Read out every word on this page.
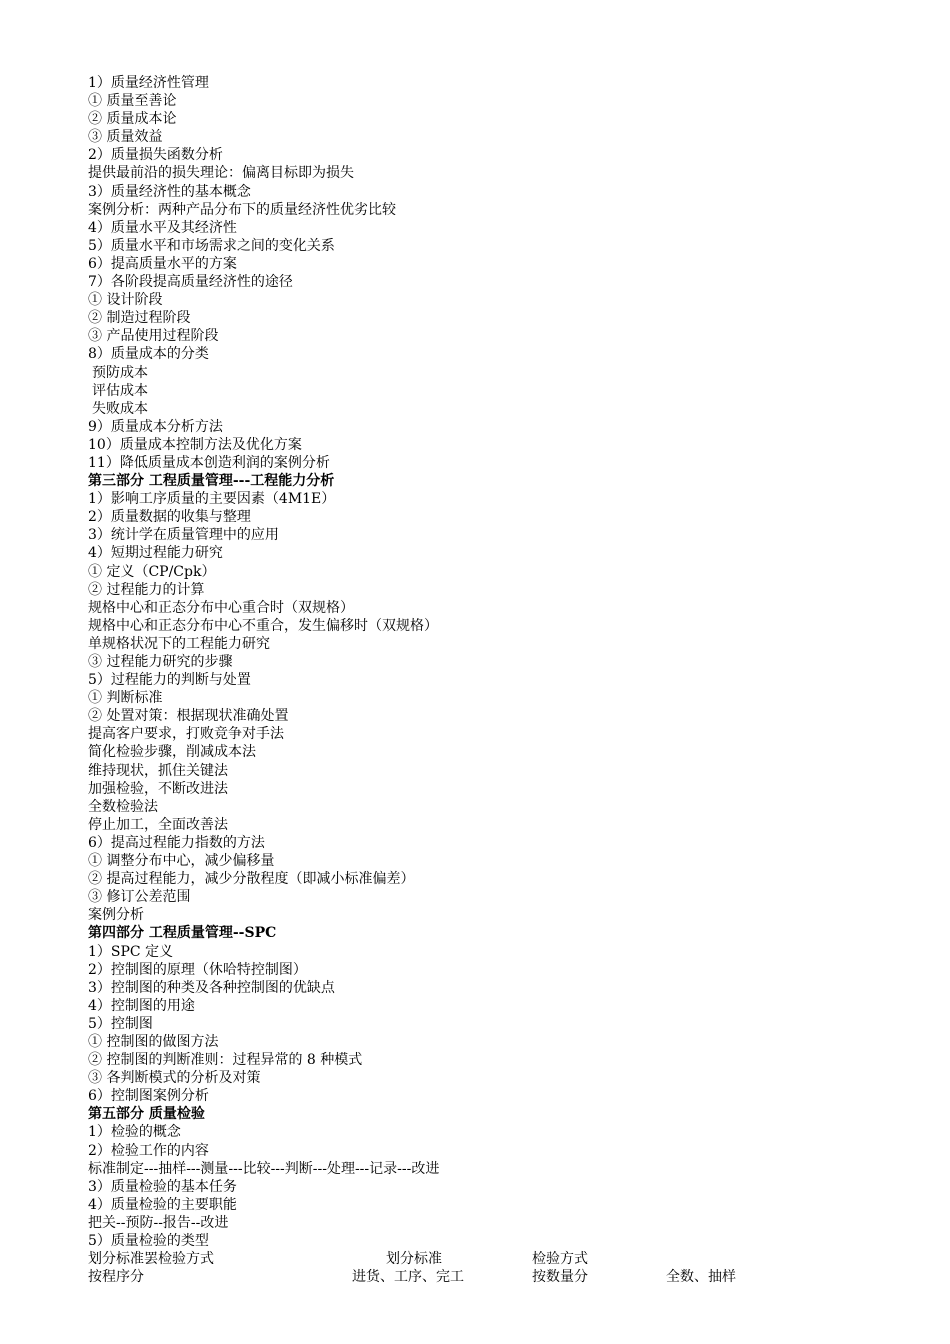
1）质量经济性管理
① 质量至善论
② 质量成本论
③ 质量效益
2）质量损失函数分析
提供最前沿的损失理论：偏离目标即为损失
3）质量经济性的基本概念
案例分析：两种产品分布下的质量经济性优劣比较
4）质量水平及其经济性
5）质量水平和市场需求之间的变化关系
6）提高质量水平的方案
7）各阶段提高质量经济性的途径
① 设计阶段
② 制造过程阶段
③ 产品使用过程阶段
8）质量成本的分类
预防成本
评估成本
失败成本
9）质量成本分析方法
10）质量成本控制方法及优化方案
11）降低质量成本创造利润的案例分析
第三部分 工程质量管理---工程能力分析
1）影响工序质量的主要因素（4M1E）
2）质量数据的收集与整理
3）统计学在质量管理中的应用
4）短期过程能力研究
① 定义（CP/Cpk）
② 过程能力的计算
规格中心和正态分布中心重合时（双规格）
规格中心和正态分布中心不重合，发生偏移时（双规格）
单规格状况下的工程能力研究
③ 过程能力研究的步骤
5）过程能力的判断与处置
① 判断标准
② 处置对策：根据现状准确处置
提高客户要求，打败竞争对手法
简化检验步骤，削减成本法
维持现状，抓住关键法
加强检验，不断改进法
全数检验法
停止加工，全面改善法
6）提高过程能力指数的方法
① 调整分布中心，减少偏移量
② 提高过程能力，减少分散程度（即减小标准偏差）
③ 修订公差范围
案例分析
第四部分 工程质量管理--SPC
1）SPC 定义
2）控制图的原理（休哈特控制图）
3）控制图的种类及各种控制图的优缺点
4）控制图的用途
5）控制图
① 控制图的做图方法
② 控制图的判断准则：过程异常的 8 种模式
③ 各判断模式的分析及对策
6）控制图案例分析
第五部分 质量检验
1）检验的概念
2）检验工作的内容
标准制定---抽样---测量---比较---判断---处理---记录---改进
3）质量检验的基本任务
4）质量检验的主要职能
把关--预防--报告--改进
5）质量检验的类型
划分标准罢检验方式	划分标准	检验方式
按程序分	进货、工序、完工	按数量分	全数、抽样
